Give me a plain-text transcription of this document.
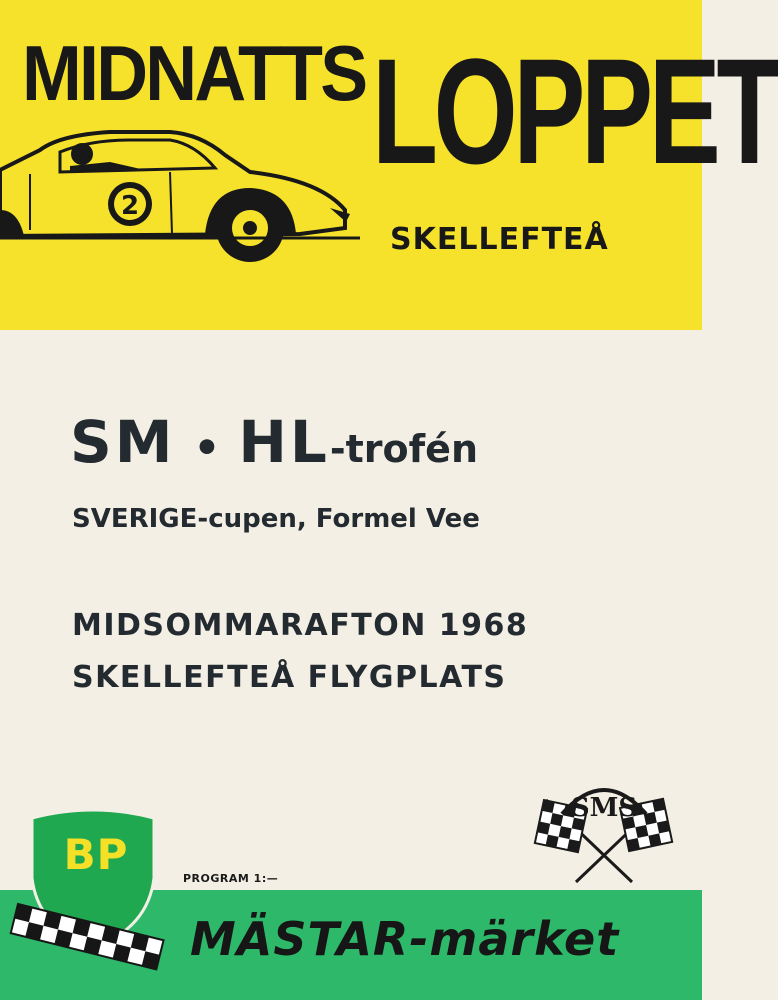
MIDNATTS LOPPET
2
SKELLEFTEÅ
SM • HL-trofén
SVERIGE-cupen, Formel Vee
MIDSOMMARAFTON 1968
SKELLEFTEÅ FLYGPLATS
SMS
BP	PROGRAM 1:—
MÄSTAR-märket
